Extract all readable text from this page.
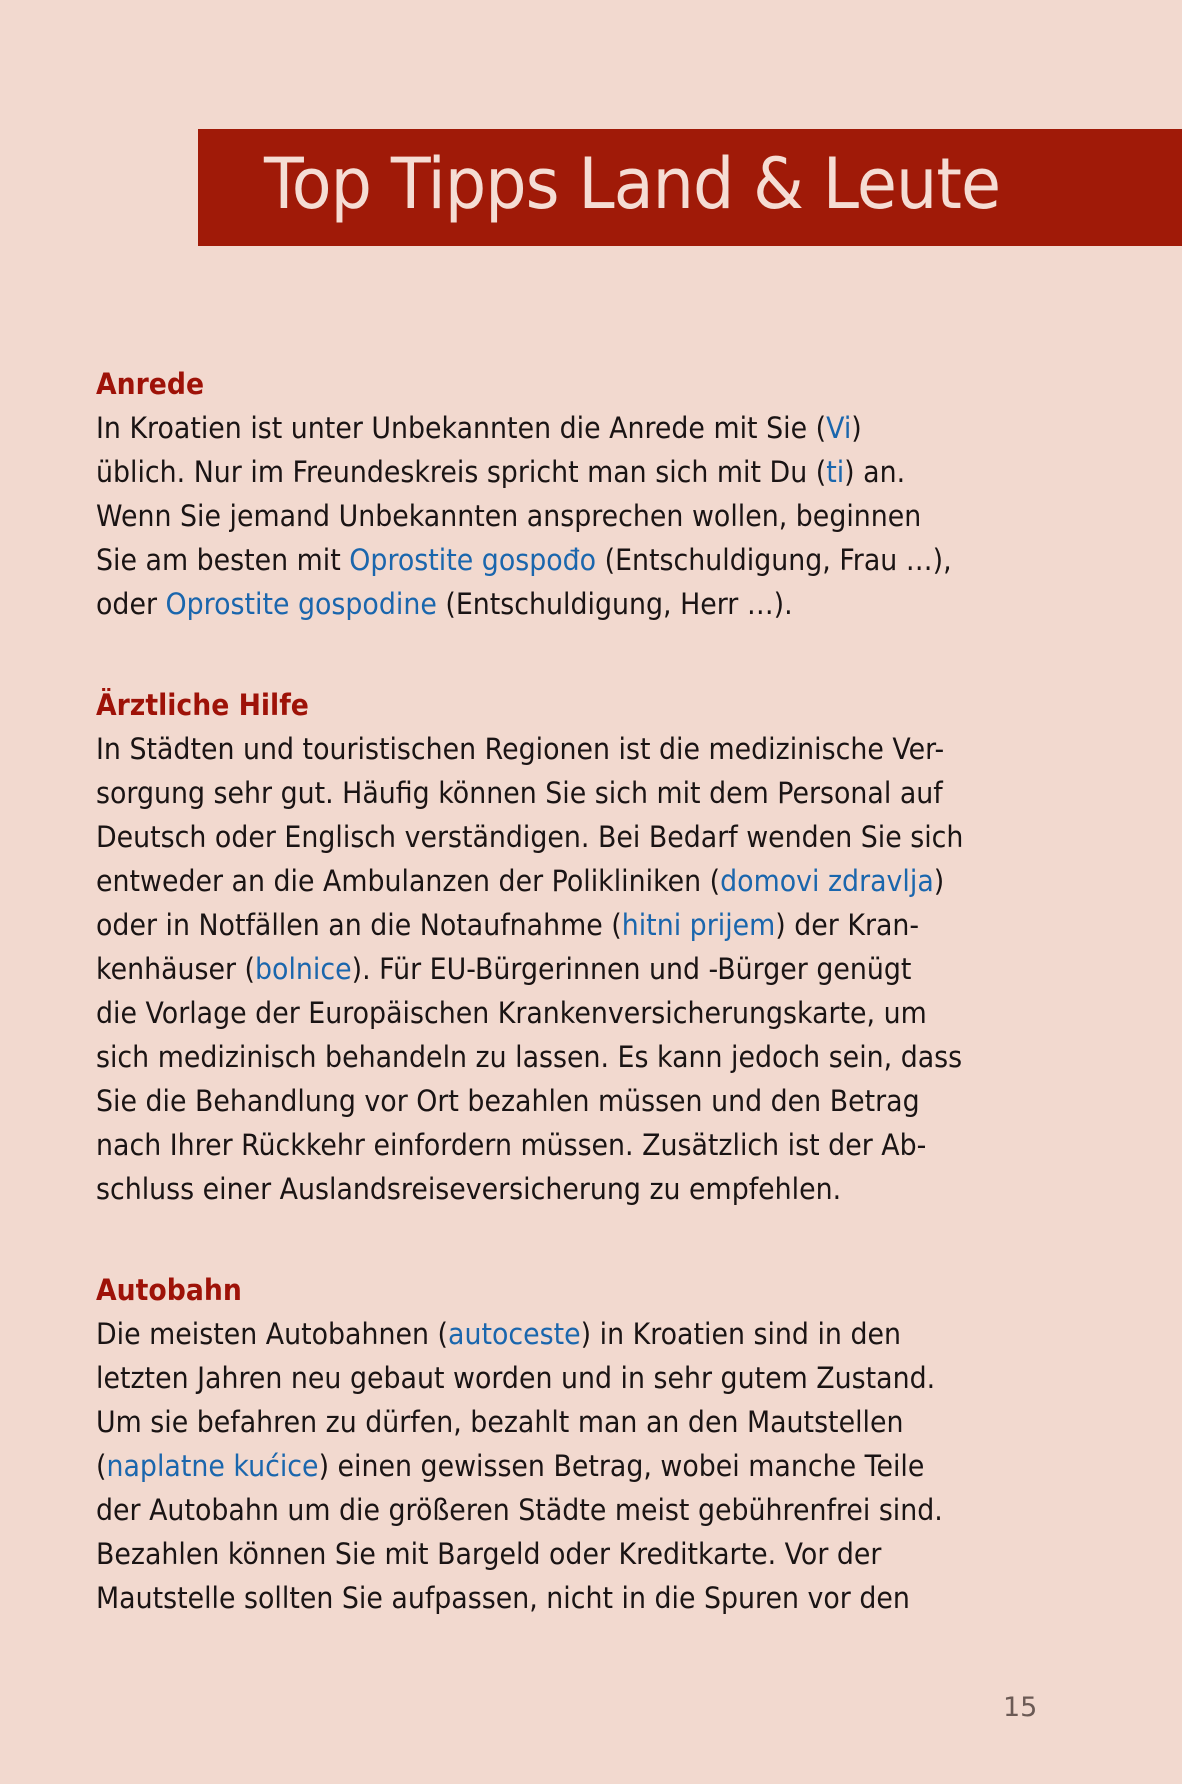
Top Tipps Land & Leute
Anrede
In Kroatien ist unter Unbekannten die Anrede mit Sie (Vi)
üblich. Nur im Freundeskreis spricht man sich mit Du (ti) an.
Wenn Sie jemand Unbekannten ansprechen wollen, beginnen
Sie am besten mit Oprostite gospođo (Entschuldigung, Frau …),
oder Oprostite gospodine (Entschuldigung, Herr …).
Ärztliche Hilfe
In Städten und touristischen Regionen ist die medizinische Ver-
sorgung sehr gut. Häufig können Sie sich mit dem Personal auf
Deutsch oder Englisch verständigen. Bei Bedarf wenden Sie sich
entweder an die Ambulanzen der Polikliniken (domovi zdravlja)
oder in Notfällen an die Notaufnahme (hitni prijem) der Kran-
kenhäuser (bolnice). Für EU-Bürgerinnen und -Bürger genügt
die Vorlage der Europäischen Krankenversicherungskarte, um
sich medizinisch behandeln zu lassen. Es kann jedoch sein, dass
Sie die Behandlung vor Ort bezahlen müssen und den Betrag
nach Ihrer Rückkehr einfordern müssen. Zusätzlich ist der Ab-
schluss einer Auslandsreiseversicherung zu empfehlen.
Autobahn
Die meisten Autobahnen (autoceste) in Kroatien sind in den
letzten Jahren neu gebaut worden und in sehr gutem Zustand.
Um sie befahren zu dürfen, bezahlt man an den Mautstellen
(naplatne kućice) einen gewissen Betrag, wobei manche Teile
der Autobahn um die größeren Städte meist gebührenfrei sind.
Bezahlen können Sie mit Bargeld oder Kreditkarte. Vor der
Mautstelle sollten Sie aufpassen, nicht in die Spuren vor den
15
